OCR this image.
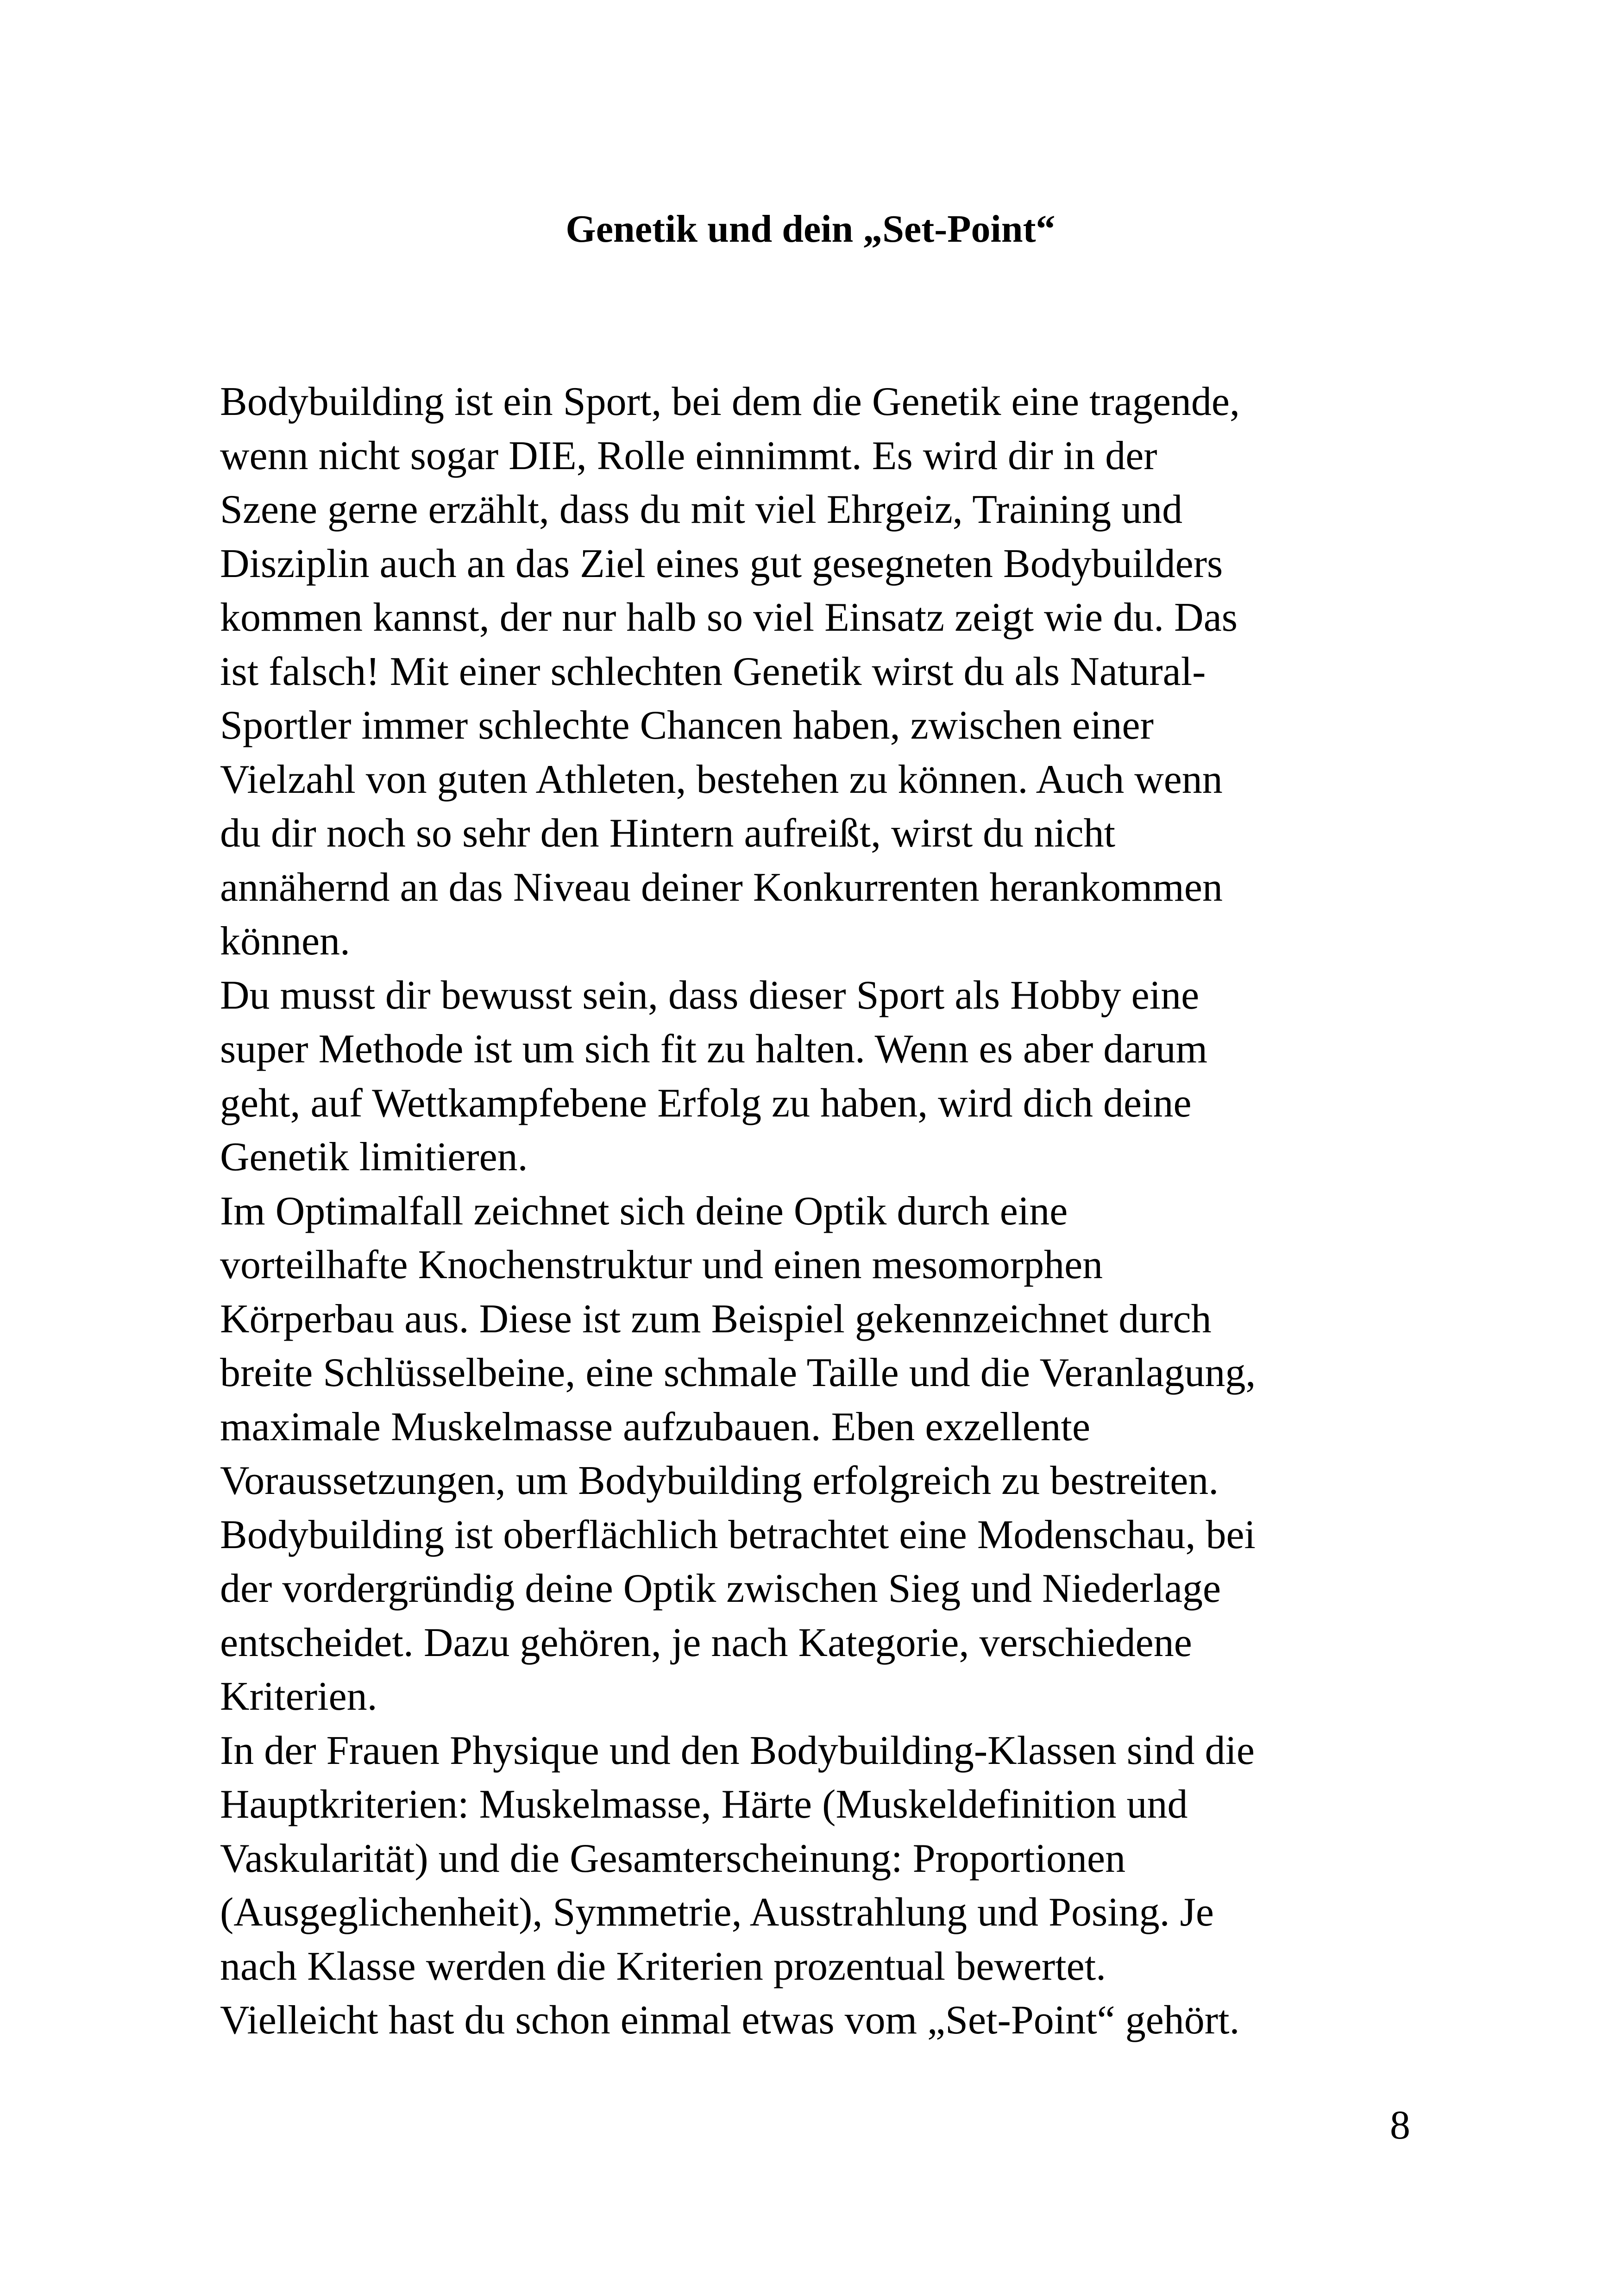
Genetik und dein „Set-Point“
Bodybuilding ist ein Sport, bei dem die Genetik eine tragende,
wenn nicht sogar DIE, Rolle einnimmt. Es wird dir in der
Szene gerne erzählt, dass du mit viel Ehrgeiz, Training und
Disziplin auch an das Ziel eines gut gesegneten Bodybuilders
kommen kannst, der nur halb so viel Einsatz zeigt wie du. Das
ist falsch! Mit einer schlechten Genetik wirst du als Natural-
Sportler immer schlechte Chancen haben, zwischen einer
Vielzahl von guten Athleten, bestehen zu können. Auch wenn
du dir noch so sehr den Hintern aufreißt, wirst du nicht
annähernd an das Niveau deiner Konkurrenten herankommen
können.
Du musst dir bewusst sein, dass dieser Sport als Hobby eine
super Methode ist um sich fit zu halten. Wenn es aber darum
geht, auf Wettkampfebene Erfolg zu haben, wird dich deine
Genetik limitieren.
Im Optimalfall zeichnet sich deine Optik durch eine
vorteilhafte Knochenstruktur und einen mesomorphen
Körperbau aus. Diese ist zum Beispiel gekennzeichnet durch
breite Schlüsselbeine, eine schmale Taille und die Veranlagung,
maximale Muskelmasse aufzubauen. Eben exzellente
Voraussetzungen, um Bodybuilding erfolgreich zu bestreiten.
Bodybuilding ist oberflächlich betrachtet eine Modenschau, bei
der vordergründig deine Optik zwischen Sieg und Niederlage
entscheidet. Dazu gehören, je nach Kategorie, verschiedene
Kriterien.
In der Frauen Physique und den Bodybuilding-Klassen sind die
Hauptkriterien: Muskelmasse, Härte (Muskeldefinition und
Vaskularität) und die Gesamterscheinung: Proportionen
(Ausgeglichenheit), Symmetrie, Ausstrahlung und Posing. Je
nach Klasse werden die Kriterien prozentual bewertet.
Vielleicht hast du schon einmal etwas vom „Set-Point“ gehört.
8
